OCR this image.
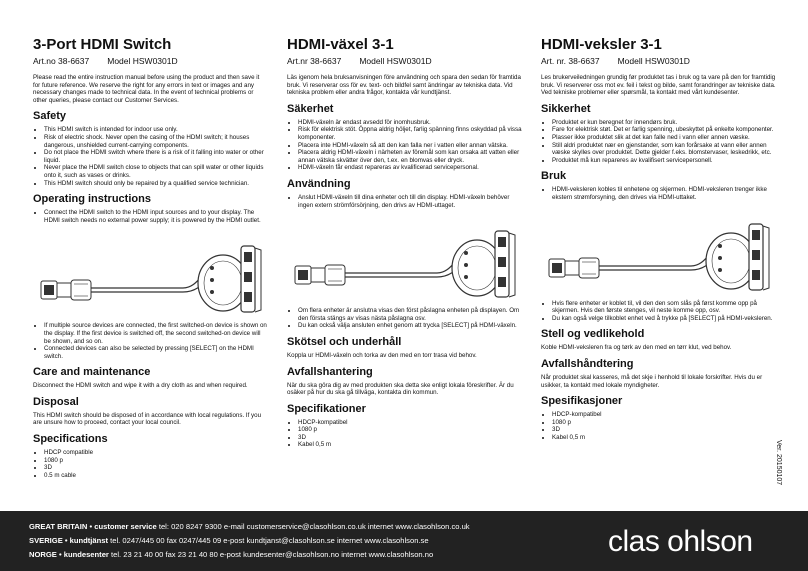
3-Port HDMI Switch
Art.no 38-6637 Model HSW0301D

Please read the entire instruction manual before using the product and then save it for future reference. We reserve the right for any errors in text or images and any necessary changes made to technical data. In the event of technical problems or other queries, please contact our Customer Services.

Safety
• This HDMI switch is intended for indoor use only.
• Risk of electric shock. Never open the casing of the HDMI switch; it houses dangerous, unshielded current-carrying components.
• Do not place the HDMI switch where there is a risk of it falling into water or other liquid.
• Never place the HDMI switch close to objects that can spill water or other liquids onto it, such as vases or drinks.
• This HDMI switch should only be repaired by a qualified service technician.
Operating instructions
• Connect the HDMI switch to the HDMI input sources and to your display. The HDMI switch needs no external power supply; it is powered by the HDMI outlet.
• If multiple source devices are connected, the first switched-on device is shown on the display. If the first device is switched off, the second switched-on device will be shown, and so on.
• Connected devices can also be selected by pressing [SELECT] on the HDMI switch.
Care and maintenance

Disconnect the HDMI switch and wipe it with a dry cloth as and when required.

Disposal

This HDMI switch should be disposed of in accordance with local regulations. If you are unsure how to proceed, contact your local council.

Specifications
• HDCP compatible
• 1080 p
• 3D
• 0.5 m cable
HDMI-växel 3-1
Art.nr 38-6637 Modell HSW0301D

Läs igenom hela bruksanvisningen före användning och spara den sedan för framtida bruk. Vi reserverar oss för ev. text- och bildfel samt ändringar av tekniska data. Vid tekniska problem eller andra frågor, kontakta vår kundtjänst.

Säkerhet
• HDMI-växeln är endast avsedd för inomhusbruk.
• Risk för elektrisk stöt. Öppna aldrig höljet, farlig spänning finns oskyddad på vissa komponenter.
• Placera inte HDMI-växeln så att den kan falla ner i vatten eller annan vätska.
• Placera aldrig HDMI-växeln i närheten av föremål som kan orsaka att vatten eller annan vätska skvätter över den, t.ex. en blomvas eller dryck.
• HDMI-växeln får endast repareras av kvalificerad servicepersonal.
Användning
• Anslut HDMI-växeln till dina enheter och till din display. HDMI-växeln behöver ingen extern strömförsörjning, den drivs av HDMI-uttaget.
• Om flera enheter är anslutna visas den först påslagna enheten på displayen. Om den första stängs av visas nästa påslagna osv.
• Du kan också välja ansluten enhet genom att trycka [SELECT] på HDMI-växeln.
Skötsel och underhåll

Koppla ur HDMI-växeln och torka av den med en torr trasa vid behov.

Avfallshantering

När du ska göra dig av med produkten ska detta ske enligt lokala föreskrifter. Är du osäker på hur du ska gå tillväga, kontakta din kommun.

Specifikationer
• HDCP-kompatibel
• 1080 p
• 3D
• Kabel 0,5 m
HDMI-veksler 3-1
Art. nr. 38-6637 Modell HSW0301D

Les brukerveiledningen grundig før produktet tas i bruk og ta vare på den for framtidig bruk. Vi reserverer oss mot ev. feil i tekst og bilde, samt forandringer av tekniske data. Ved tekniske problemer eller spørsmål, ta kontakt med vårt kundesenter.

Sikkerhet
• Produktet er kun beregnet for innendørs bruk.
• Fare for elektrisk støt. Det er farlig spenning, ubeskyttet på enkelte komponenter.
• Plasser ikke produktet slik at det kan falle ned i vann eller annen væske.
• Still aldri produktet nær en gjenstander, som kan forårsake at vann eller annen væske skylles over produktet. Dette gjelder f.eks. blomstervaser, leskedrikk, etc.
• Produktet må kun repareres av kvalifisert servicepersonell.
Bruk
• HDMI-veksleren kobles til enhetene og skjermen. HDMI-veksleren trenger ikke ekstern strømforsyning, den drives via HDMI-uttaket.
• Hvis flere enheter er koblet til, vil den den som slås på først komme opp på skjermen. Hvis den første stenges, vil neste komme opp, osv.
• Du kan også velge tilkoblet enhet ved å trykke på [SELECT] på HDMI-veksleren.
Stell og vedlikehold

Koble HDMI-veksleren fra og tørk av den med en tørr klut, ved behov.

Avfallshåndtering

Når produktet skal kasseres, må det skje i henhold til lokale forskrifter. Hvis du er usikker, ta kontakt med lokale myndigheter.

Spesifikasjoner
• HDCP-kompatibel
• 1080 p
• 3D
• Kabel 0,5 m
Ver. 20150107
GREAT BRITAIN • customer service tel: 020 8247 9300 e-mail customerservice@clasohlson.co.uk internet www.clasohlson.co.uk
SVERIGE • kundtjänst tel. 0247/445 00 fax 0247/445 09 e-post kundtjanst@clasohlson.se internet www.clasohlson.se
NORGE • kundesenter tel. 23 21 40 00 fax 23 21 40 80 e-post kundesenter@clasohlson.no internet www.clasohlson.no	clas ohlson
